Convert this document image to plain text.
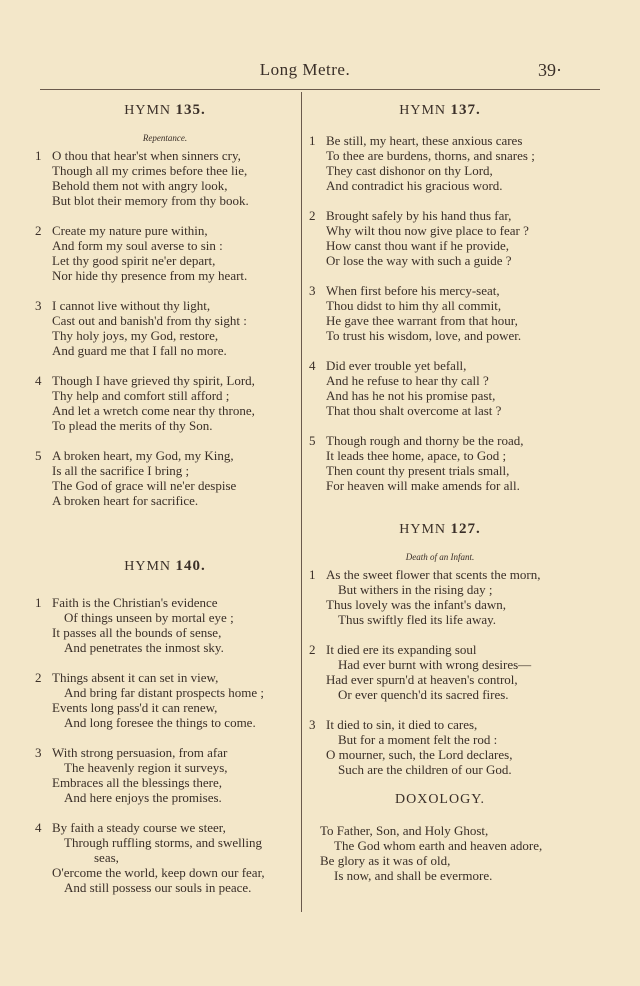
Long Metre.	39·
HYMN 135.
Repentance.
1 O thou that hear'st when sinners cry,
Though all my crimes before thee lie,
Behold them not with angry look,
But blot their memory from thy book.
2 Create my nature pure within,
And form my soul averse to sin :
Let thy good spirit ne'er depart,
Nor hide thy presence from my heart.
3 I cannot live without thy light,
Cast out and banish'd from thy sight :
Thy holy joys, my God, restore,
And guard me that I fall no more.
4 Though I have grieved thy spirit, Lord,
Thy help and comfort still afford ;
And let a wretch come near thy throne,
To plead the merits of thy Son.
5 A broken heart, my God, my King,
Is all the sacrifice I bring ;
The God of grace will ne'er despise
A broken heart for sacrifice.
HYMN 140.
1 Faith is the Christian's evidence
Of things unseen by mortal eye ;
It passes all the bounds of sense,
And penetrates the inmost sky.
2 Things absent it can set in view,
And bring far distant prospects home ;
Events long pass'd it can renew,
And long foresee the things to come.
3 With strong persuasion, from afar
The heavenly region it surveys,
Embraces all the blessings there,
And here enjoys the promises.
4 By faith a steady course we steer,
Through ruffling storms, and swelling
seas,
O'ercome the world, keep down our fear,
And still possess our souls in peace.
HYMN 137.
1 Be still, my heart, these anxious cares
To thee are burdens, thorns, and snares ;
They cast dishonor on thy Lord,
And contradict his gracious word.
2 Brought safely by his hand thus far,
Why wilt thou now give place to fear ?
How canst thou want if he provide,
Or lose the way with such a guide ?
3 When first before his mercy-seat,
Thou didst to him thy all commit,
He gave thee warrant from that hour,
To trust his wisdom, love, and power.
4 Did ever trouble yet befall,
And he refuse to hear thy call ?
And has he not his promise past,
That thou shalt overcome at last ?
5 Though rough and thorny be the road,
It leads thee home, apace, to God ;
Then count thy present trials small,
For heaven will make amends for all.
HYMN 127.
Death of an Infant.
1 As the sweet flower that scents the morn,
But withers in the rising day ;
Thus lovely was the infant's dawn,
Thus swiftly fled its life away.
2 It died ere its expanding soul
Had ever burnt with wrong desires—
Had ever spurn'd at heaven's control,
Or ever quench'd its sacred fires.
3 It died to sin, it died to cares,
But for a moment felt the rod :
O mourner, such, the Lord declares,
Such are the children of our God.
DOXOLOGY.
To Father, Son, and Holy Ghost,
The God whom earth and heaven adore,
Be glory as it was of old,
Is now, and shall be evermore.
